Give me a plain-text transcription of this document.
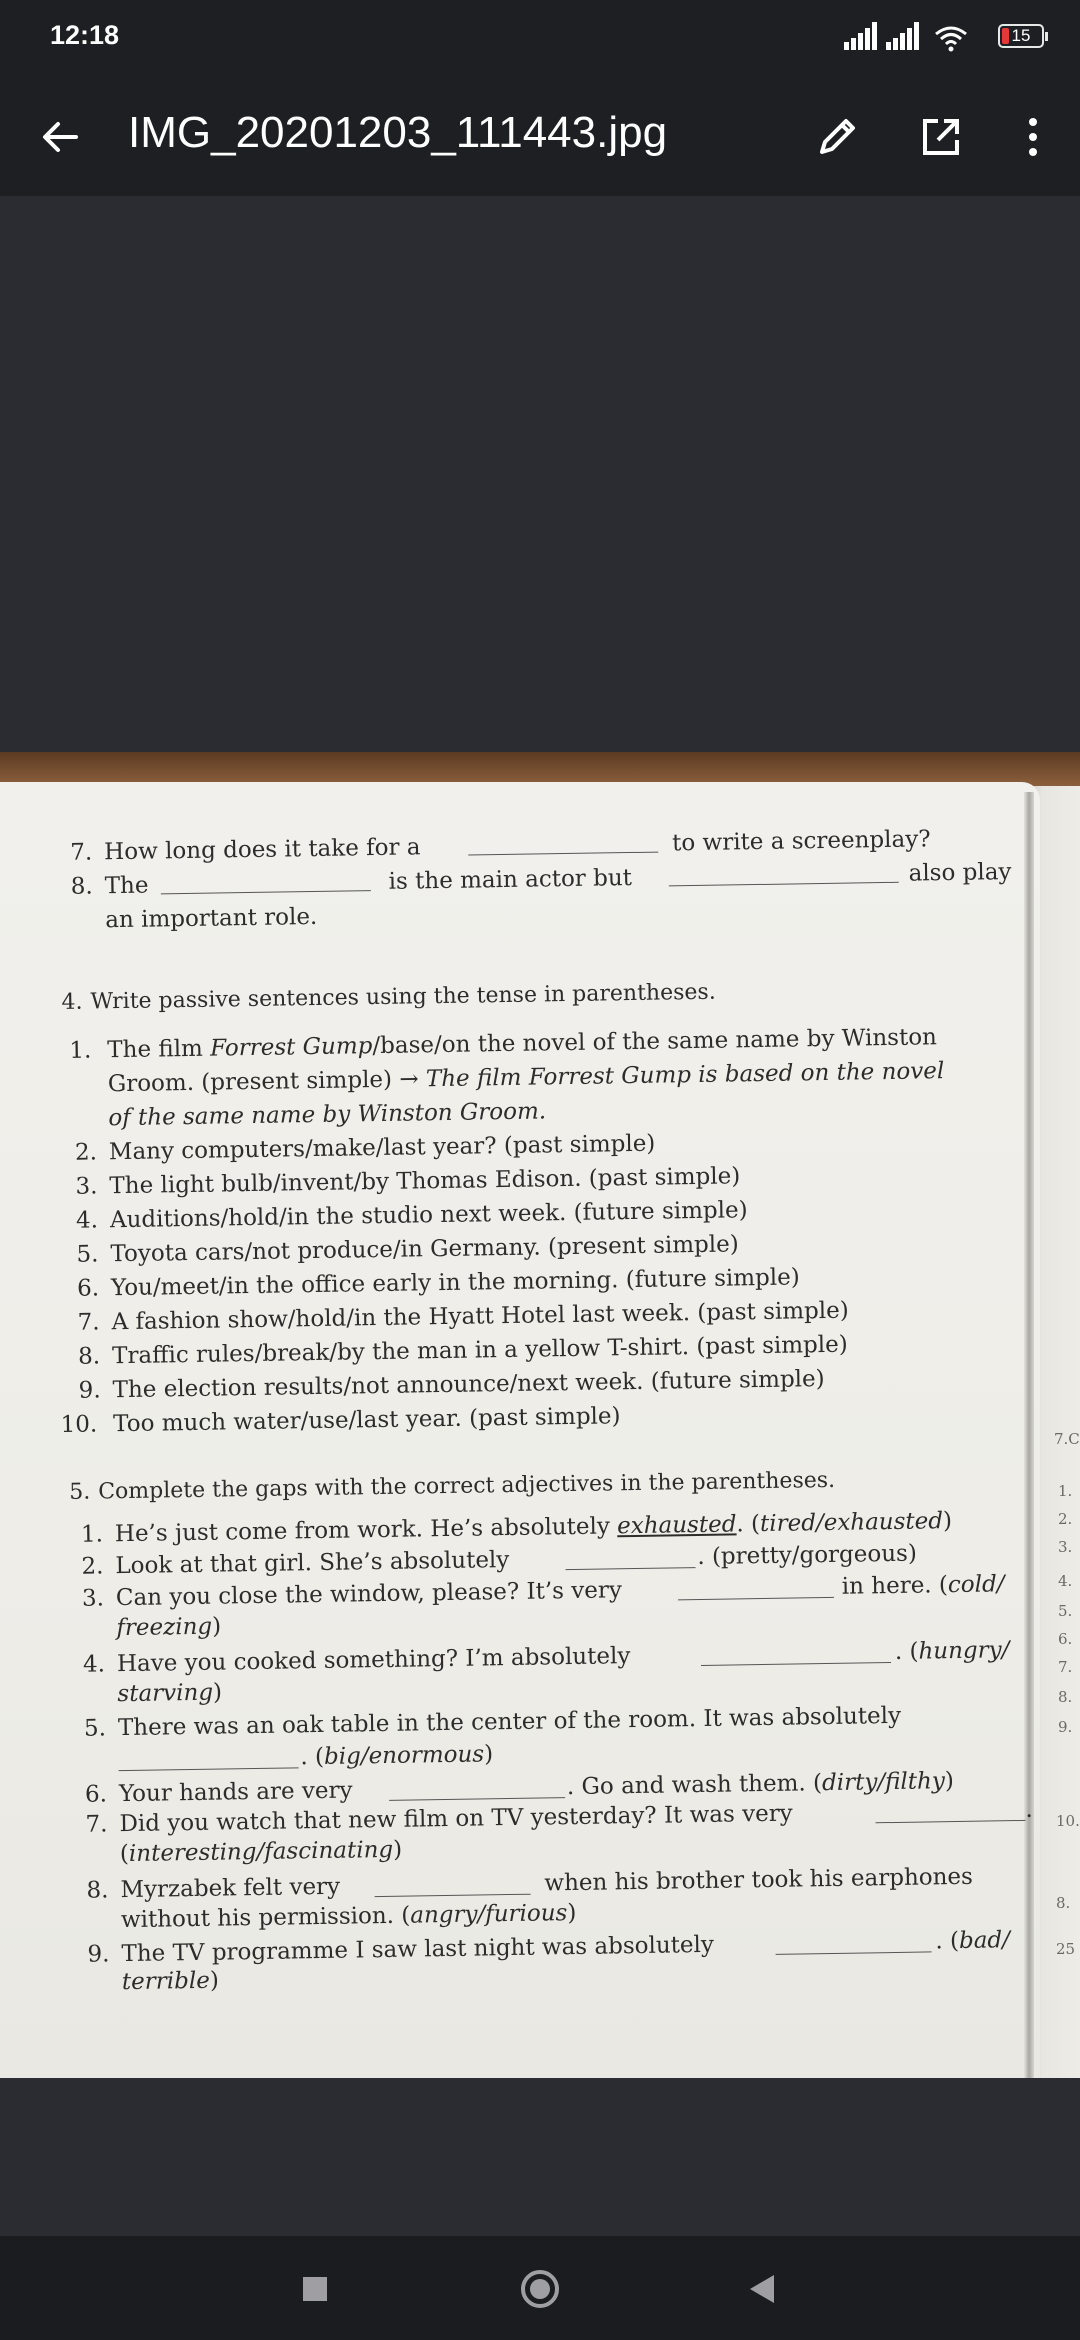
12:18	15
IMG_20201203_111443.jpg
7.C
1.
2.
3.
4.
5.
6.
7.
8.
9.
10.
8.
25
7. How long does it take for a	to write a screenplay?
8. The	is the main actor but	also play
an important role.
4. Write passive sentences using the tense in parentheses.
1. The film Forrest Gump/base/on the novel of the same name by Winston
Groom. (present simple) → The film Forrest Gump is based on the novel
of the same name by Winston Groom.
2. Many computers/make/last year? (past simple)
3. The light bulb/invent/by Thomas Edison. (past simple)
4. Auditions/hold/in the studio next week. (future simple)
5. Toyota cars/not produce/in Germany. (present simple)
6. You/meet/in the office early in the morning. (future simple)
7. A fashion show/hold/in the Hyatt Hotel last week. (past simple)
8. Traffic rules/break/by the man in a yellow T-shirt. (past simple)
9. The election results/not announce/next week. (future simple)
10. Too much water/use/last year. (past simple)
5. Complete the gaps with the correct adjectives in the parentheses.
1. He’s just come from work. He’s absolutely exhausted. (tired/exhausted)
2. Look at that girl. She’s absolutely	. (pretty/gorgeous)
3. Can you close the window, please? It’s very	in here. (cold/
freezing)
4. Have you cooked something? I’m absolutely	. (hungry/
starving)
5. There was an oak table in the center of the room. It was absolutely
. (big/enormous)
6. Your hands are very	. Go and wash them. (dirty/filthy)
7. Did you watch that new film on TV yesterday? It was very	.
(interesting/fascinating)
8. Myrzabek felt very	when his brother took his earphones
without his permission. (angry/furious)
9. The TV programme I saw last night was absolutely	. (bad/
terrible)
